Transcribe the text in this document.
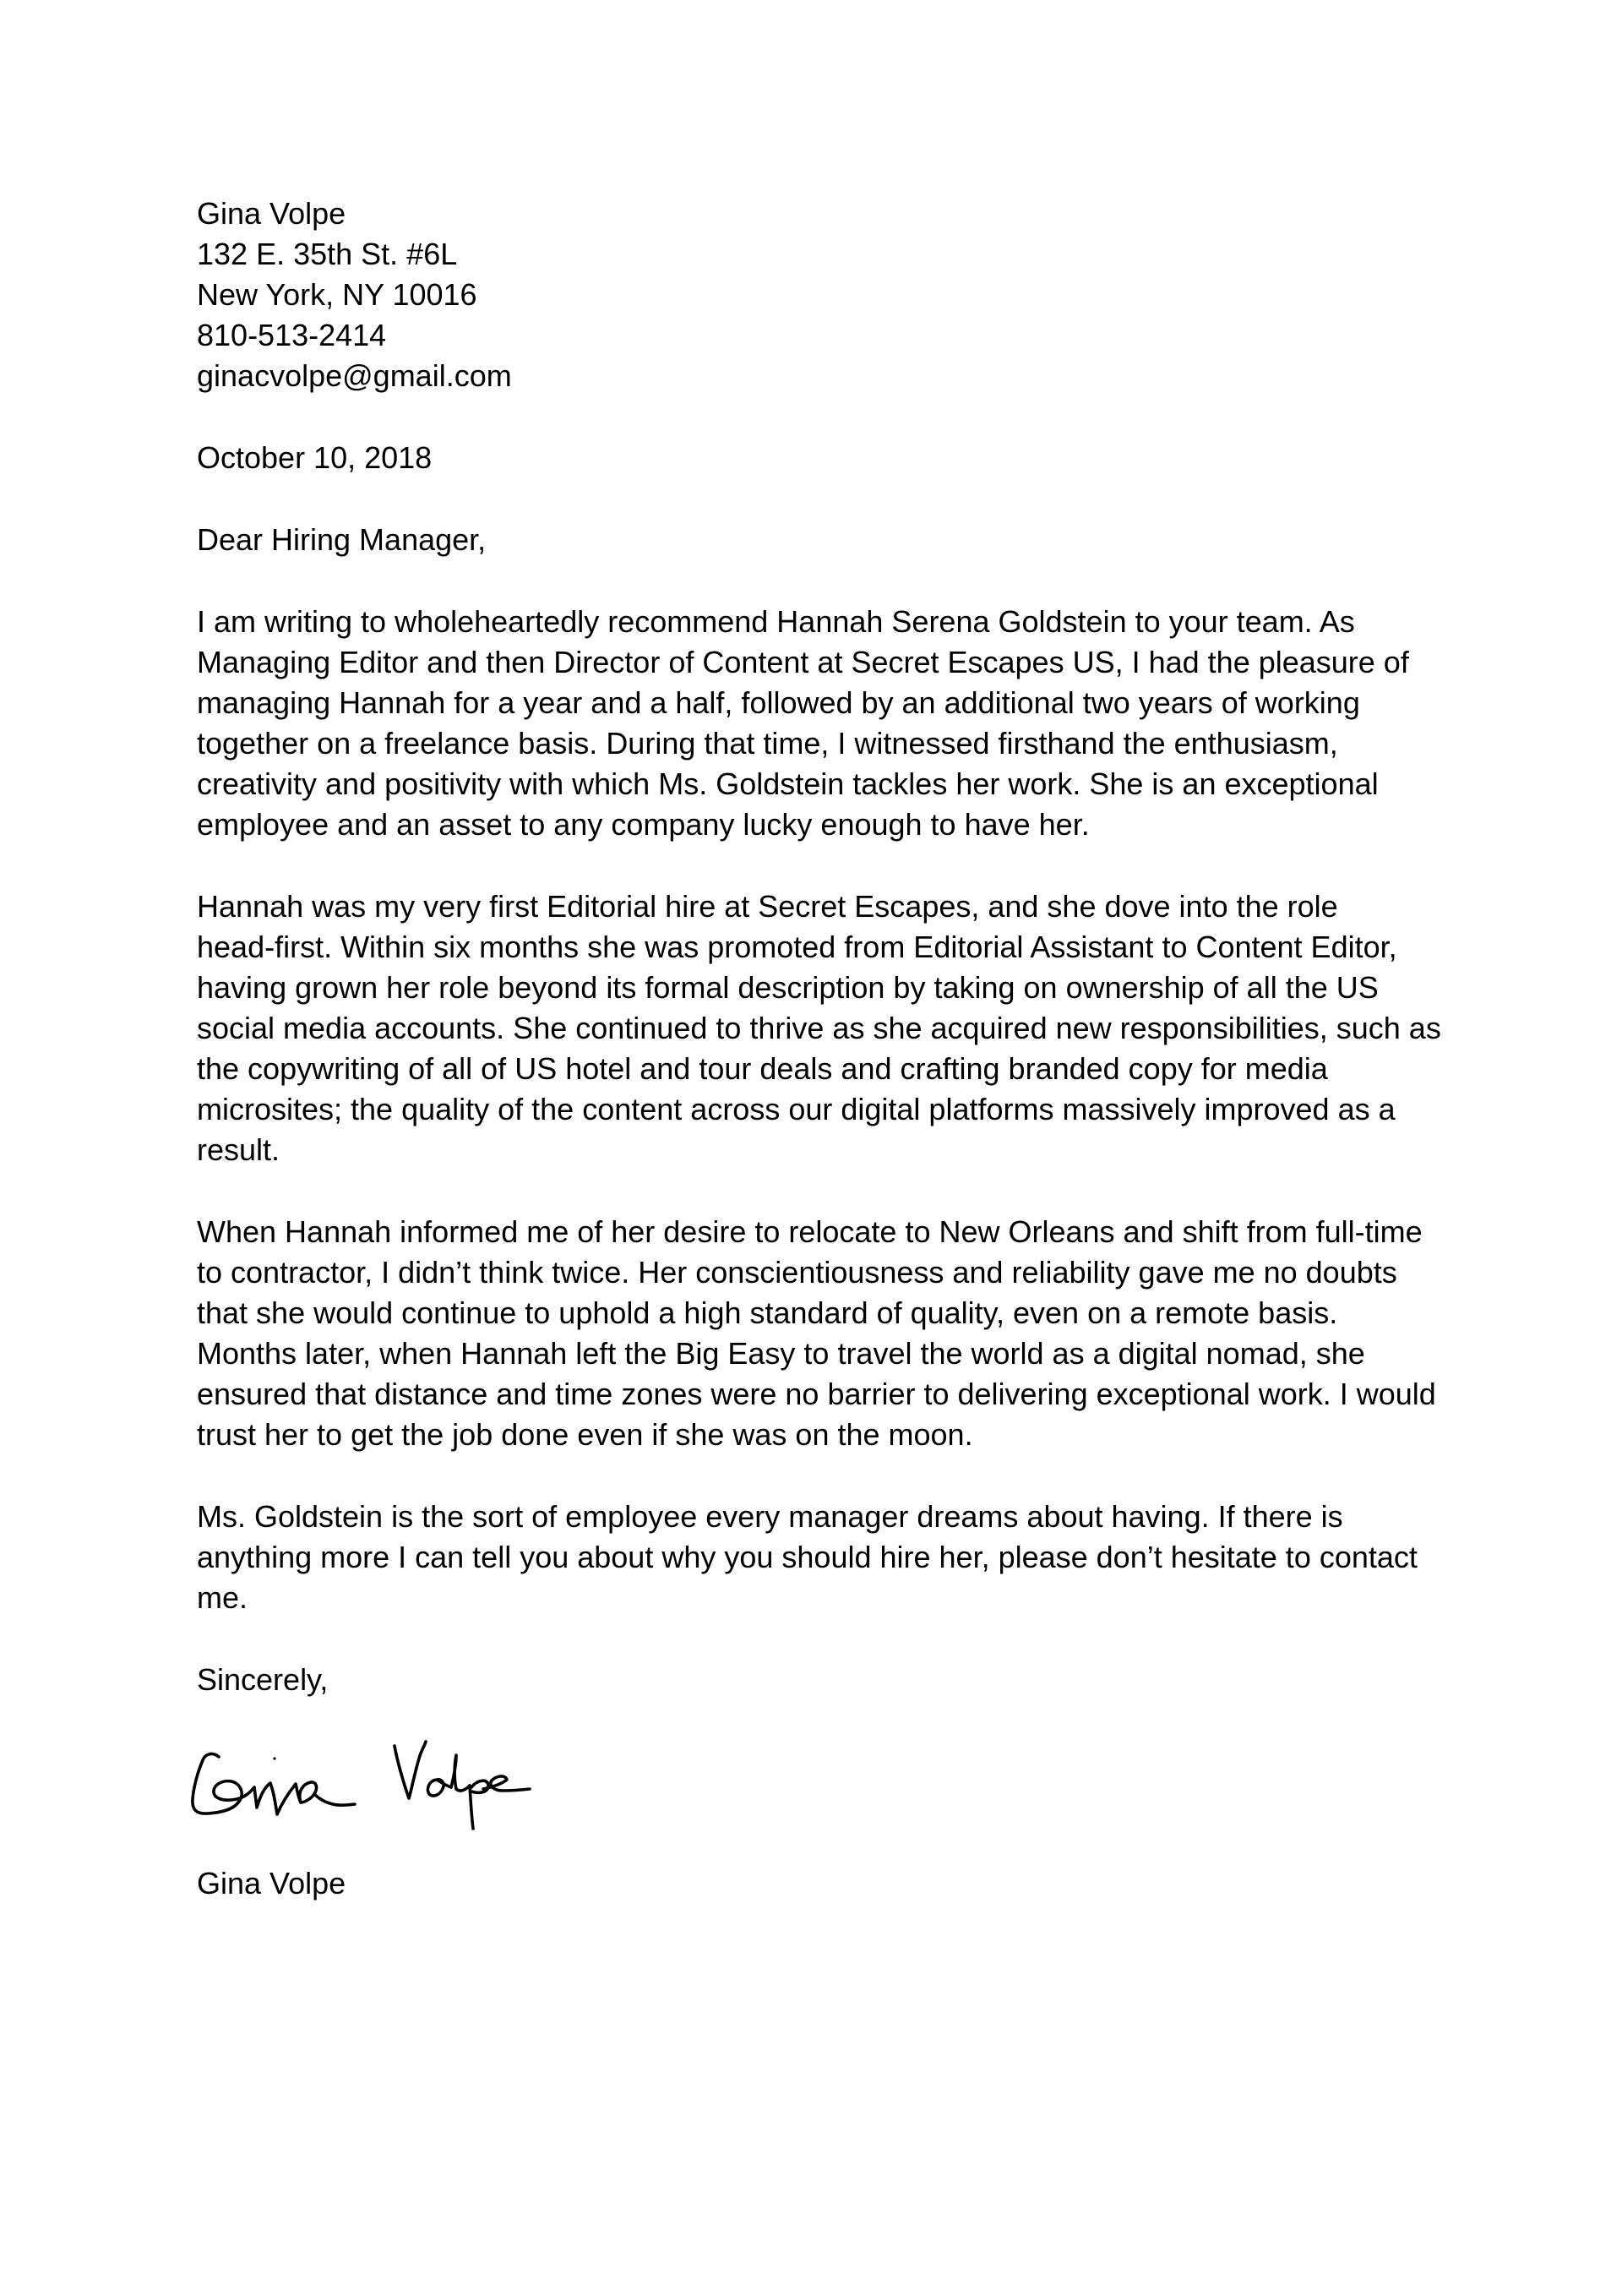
Gina Volpe
132 E. 35th St. #6L
New York, NY 10016
810-513-2414
ginacvolpe@gmail.com
October 10, 2018
Dear Hiring Manager,
I am writing to wholeheartedly recommend Hannah Serena Goldstein to your team. As
Managing Editor and then Director of Content at Secret Escapes US, I had the pleasure of
managing Hannah for a year and a half, followed by an additional two years of working
together on a freelance basis. During that time, I witnessed firsthand the enthusiasm,
creativity and positivity with which Ms. Goldstein tackles her work. She is an exceptional
employee and an asset to any company lucky enough to have her.
Hannah was my very first Editorial hire at Secret Escapes, and she dove into the role
head-first. Within six months she was promoted from Editorial Assistant to Content Editor,
having grown her role beyond its formal description by taking on ownership of all the US
social media accounts. She continued to thrive as she acquired new responsibilities, such as
the copywriting of all of US hotel and tour deals and crafting branded copy for media
microsites; the quality of the content across our digital platforms massively improved as a
result.
When Hannah informed me of her desire to relocate to New Orleans and shift from full-time
to contractor, I didn’t think twice. Her conscientiousness and reliability gave me no doubts
that she would continue to uphold a high standard of quality, even on a remote basis.
Months later, when Hannah left the Big Easy to travel the world as a digital nomad, she
ensured that distance and time zones were no barrier to delivering exceptional work. I would
trust her to get the job done even if she was on the moon.
Ms. Goldstein is the sort of employee every manager dreams about having. If there is
anything more I can tell you about why you should hire her, please don’t hesitate to contact
me.
Sincerely,
Gina Volpe
